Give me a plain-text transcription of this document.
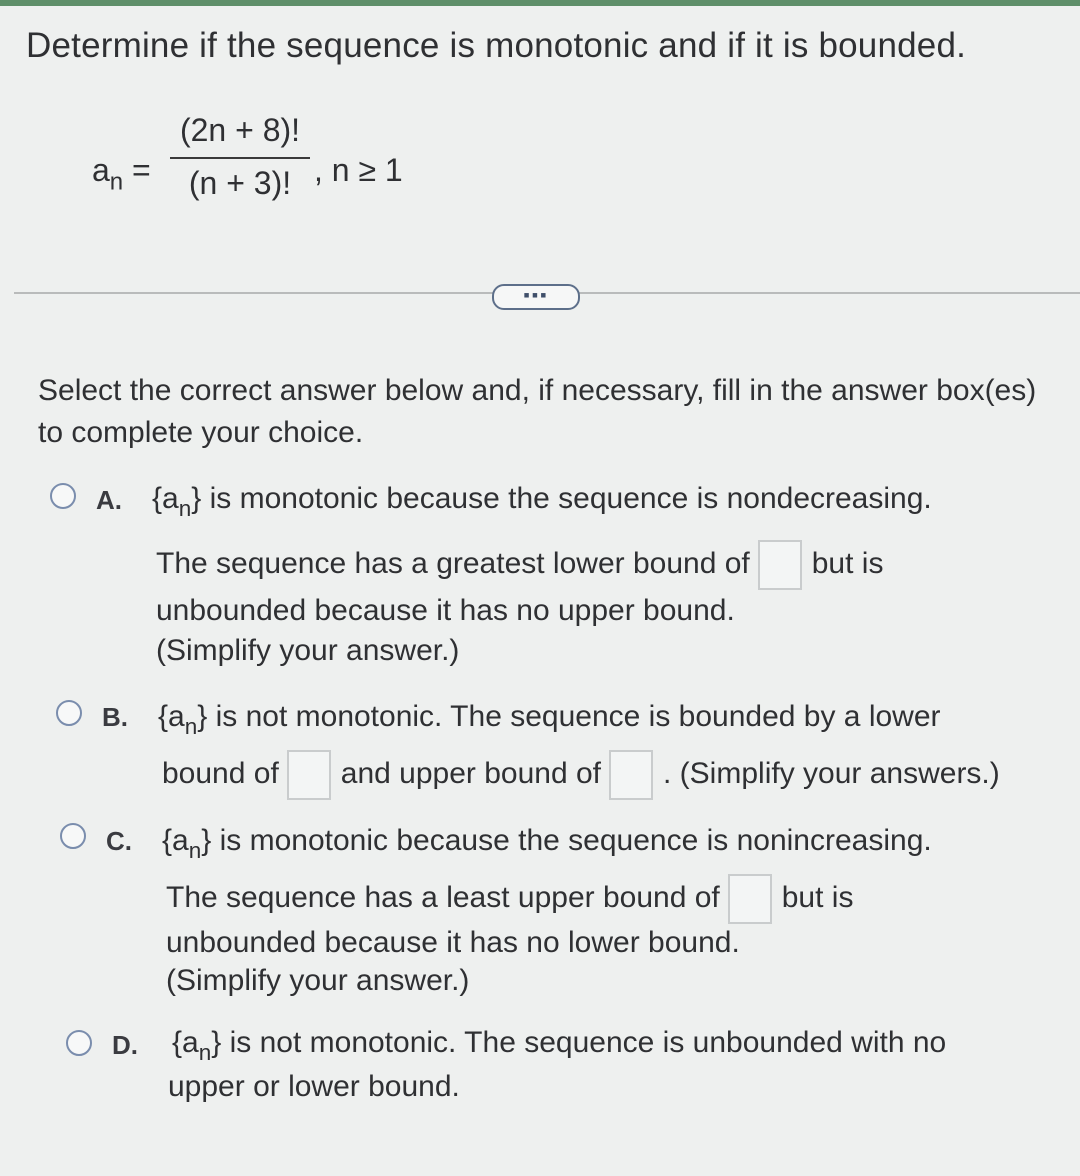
Determine if the sequence is monotonic and if it is bounded.
$a_n = \frac{(2n + 8)!}{(n + 3)!}$ , n ≥ 1
▪▪▪
Select the correct answer below and, if necessary, fill in the answer box(es) to complete your choice.
A. $\{a_n\}$ is monotonic because the sequence is nondecreasing.
The sequence has a greatest lower bound of but is
unbounded because it has no upper bound.
(Simplify your answer.)
B. $\{a_n\}$ is not monotonic. The sequence is bounded by a lower
bound of and upper bound of . (Simplify your answers.)
C. $\{a_n\}$ is monotonic because the sequence is nonincreasing.
The sequence has a least upper bound of but is
unbounded because it has no lower bound.
(Simplify your answer.)
D. $\{a_n\}$ is not monotonic. The sequence is unbounded with no
upper or lower bound.
